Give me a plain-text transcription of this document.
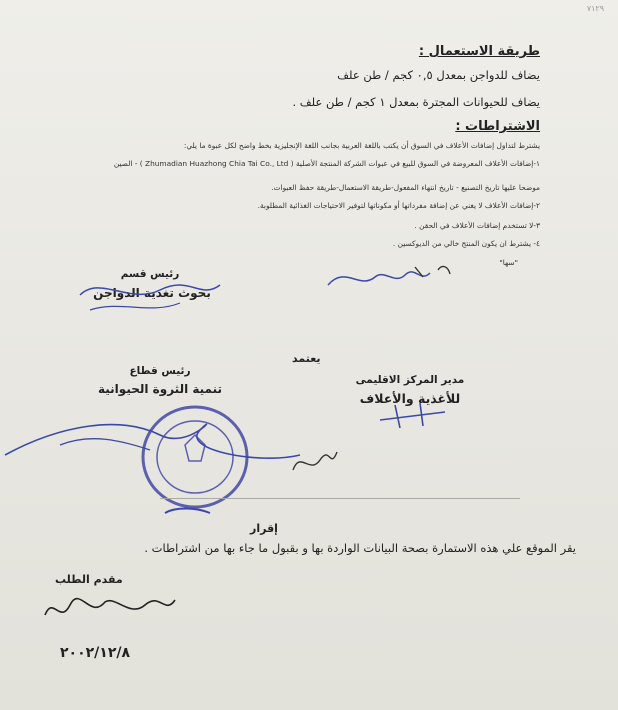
٧١٢٩
طريقة الاستعمال :
يضاف للدواجن بمعدل ٠,٥ كجم / طن علف
يضاف للحيوانات المجترة بمعدل ١ كجم / طن علف .
الاشتراطات :
يشترط لتداول إضافات الأعلاف في السوق أن يكتب باللغة العربية بجانب اللغة الإنجليزية بخط واضح لكل عبوة ما يلي:
١-إضافات الأعلاف المعروضة في السوق للبيع في عبوات الشركة المنتجة الأصلية ( Zhumadian Huazhong Chia Tai Co., Ltd ) - الصين
موضحا عليها تاريخ التصنيع - تاريخ انتهاء المفعول-طريقة الاستعمال-طريقة حفظ العبوات.
٢-إضافات الأعلاف لا يغني عن إضافة مفرداتها أو مكوناتها لتوفير الاحتياجات الغذائية المطلوبة.
٣-لا تستخدم إضافات الأعلاف في الحقن .
٤- يشترط ان يكون المنتج خالي من الديوكسين .
"سها"
رئيس قسم
بحوث تغذية الدواجن
يعتمد
رئيس قطاع
تنمية الثروة الحيوانية
مدير المركز الاقليمى
للأغذية والأعلاف
إقرار
يقر الموقع علي هذه الاستمارة بصحة البيانات الواردة بها و بقبول ما جاء بها من اشتراطات .
مقدم الطلب
٢٠٠٢/١٢/٨
